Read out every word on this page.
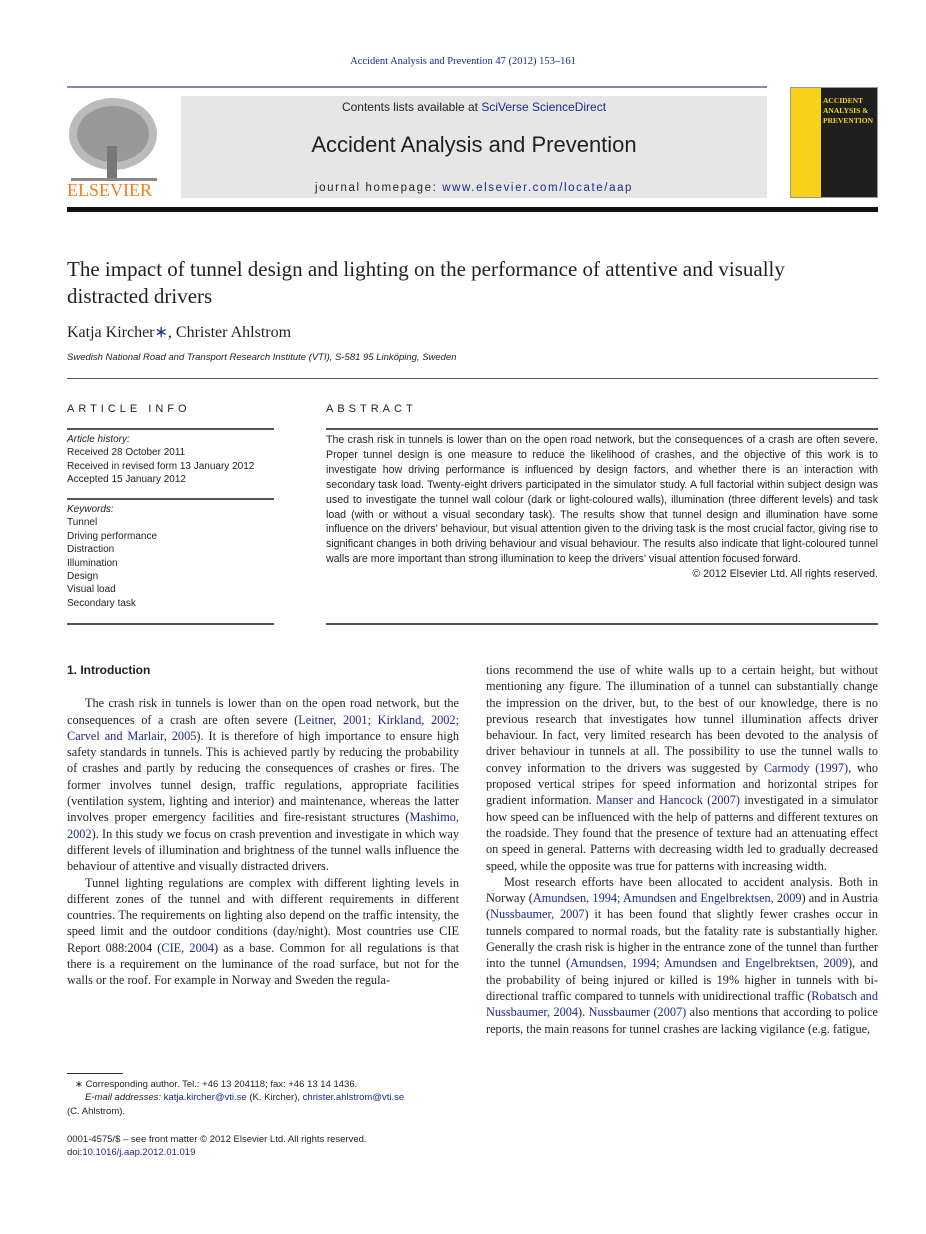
Accident Analysis and Prevention 47 (2012) 153–161
ELSEVIER
Contents lists available at SciVerse ScienceDirect
Accident Analysis and Prevention
journal homepage: www.elsevier.com/locate/aap
ACCIDENT ANALYSIS & PREVENTION
The impact of tunnel design and lighting on the performance of attentive and visually distracted drivers
Katja Kircher∗, Christer Ahlstrom
Swedish National Road and Transport Research Institute (VTI), S-581 95 Linköping, Sweden
ARTICLE INFO
Article history:
Received 28 October 2011
Received in revised form 13 January 2012
Accepted 15 January 2012
Keywords:
Tunnel
Driving performance
Distraction
Illumination
Design
Visual load
Secondary task
ABSTRACT
The crash risk in tunnels is lower than on the open road network, but the consequences of a crash are often severe. Proper tunnel design is one measure to reduce the likelihood of crashes, and the objective of this work is to investigate how driving performance is influenced by design factors, and whether there is an interaction with secondary task load. Twenty-eight drivers participated in the simulator study. A full factorial within subject design was used to investigate the tunnel wall colour (dark or light-coloured walls), illumination (three different levels) and task load (with or without a visual secondary task). The results show that tunnel design and illumination have some influence on the drivers' behaviour, but visual attention given to the driving task is the most crucial factor, giving rise to significant changes in both driving behaviour and visual behaviour. The results also indicate that light-coloured tunnel walls are more important than strong illumination to keep the drivers' visual attention focused forward.
© 2012 Elsevier Ltd. All rights reserved.
1. Introduction

The crash risk in tunnels is lower than on the open road network, but the consequences of a crash are often severe (Leitner, 2001; Kirkland, 2002; Carvel and Marlair, 2005). It is therefore of high importance to ensure high safety standards in tunnels. This is achieved partly by reducing the probability of crashes and partly by reducing the consequences of crashes or fires. The former involves tunnel design, traffic regulations, appropriate facilities (ventilation system, lighting and interior) and maintenance, whereas the latter involves proper emergency facilities and fire-resistant structures (Mashimo, 2002). In this study we focus on crash prevention and investigate in which way different levels of illumination and brightness of the tunnel walls influence the behaviour of attentive and visually distracted drivers.

Tunnel lighting regulations are complex with different lighting levels in different zones of the tunnel and with different requirements in different countries. The requirements on lighting also depend on the traffic intensity, the speed limit and the outdoor conditions (day/night). Most countries use CIE Report 088:2004 (CIE, 2004) as a base. Common for all regulations is that there is a requirement on the luminance of the road surface, but not for the walls or the roof. For example in Norway and Sweden the regula-

tions recommend the use of white walls up to a certain height, but without mentioning any figure. The illumination of a tunnel can substantially change the impression on the driver, but, to the best of our knowledge, there is no previous research that investigates how tunnel illumination affects driver behaviour. In fact, very limited research has been devoted to the analysis of driver behaviour in tunnels at all. The possibility to use the tunnel walls to convey information to the drivers was suggested by Carmody (1997), who proposed vertical stripes for speed information and horizontal stripes for gradient information. Manser and Hancock (2007) investigated in a simulator how speed can be influenced with the help of patterns and different textures on the roadside. They found that the presence of texture had an attenuating effect on speed in general. Patterns with decreasing width led to gradually decreased speed, while the opposite was true for patterns with increasing width.

Most research efforts have been allocated to accident analysis. Both in Norway (Amundsen, 1994; Amundsen and Engelbrektsen, 2009) and in Austria (Nussbaumer, 2007) it has been found that slightly fewer crashes occur in tunnels compared to normal roads, but the fatality rate is substantially higher. Generally the crash risk is higher in the entrance zone of the tunnel than further into the tunnel (Amundsen, 1994; Amundsen and Engelbrektsen, 2009), and the probability of being injured or killed is 19% higher in tunnels with bi-directional traffic compared to tunnels with unidirectional traffic (Robatsch and Nussbaumer, 2004). Nussbaumer (2007) also mentions that according to police reports, the main reasons for tunnel crashes are lacking vigilance (e.g. fatigue,

∗ Corresponding author. Tel.: +46 13 204118; fax: +46 13 14 1436.
E-mail addresses: katja.kircher@vti.se (K. Kircher), christer.ahlstrom@vti.se
(C. Ahlstrom).
0001-4575/$ – see front matter © 2012 Elsevier Ltd. All rights reserved.
doi:10.1016/j.aap.2012.01.019
